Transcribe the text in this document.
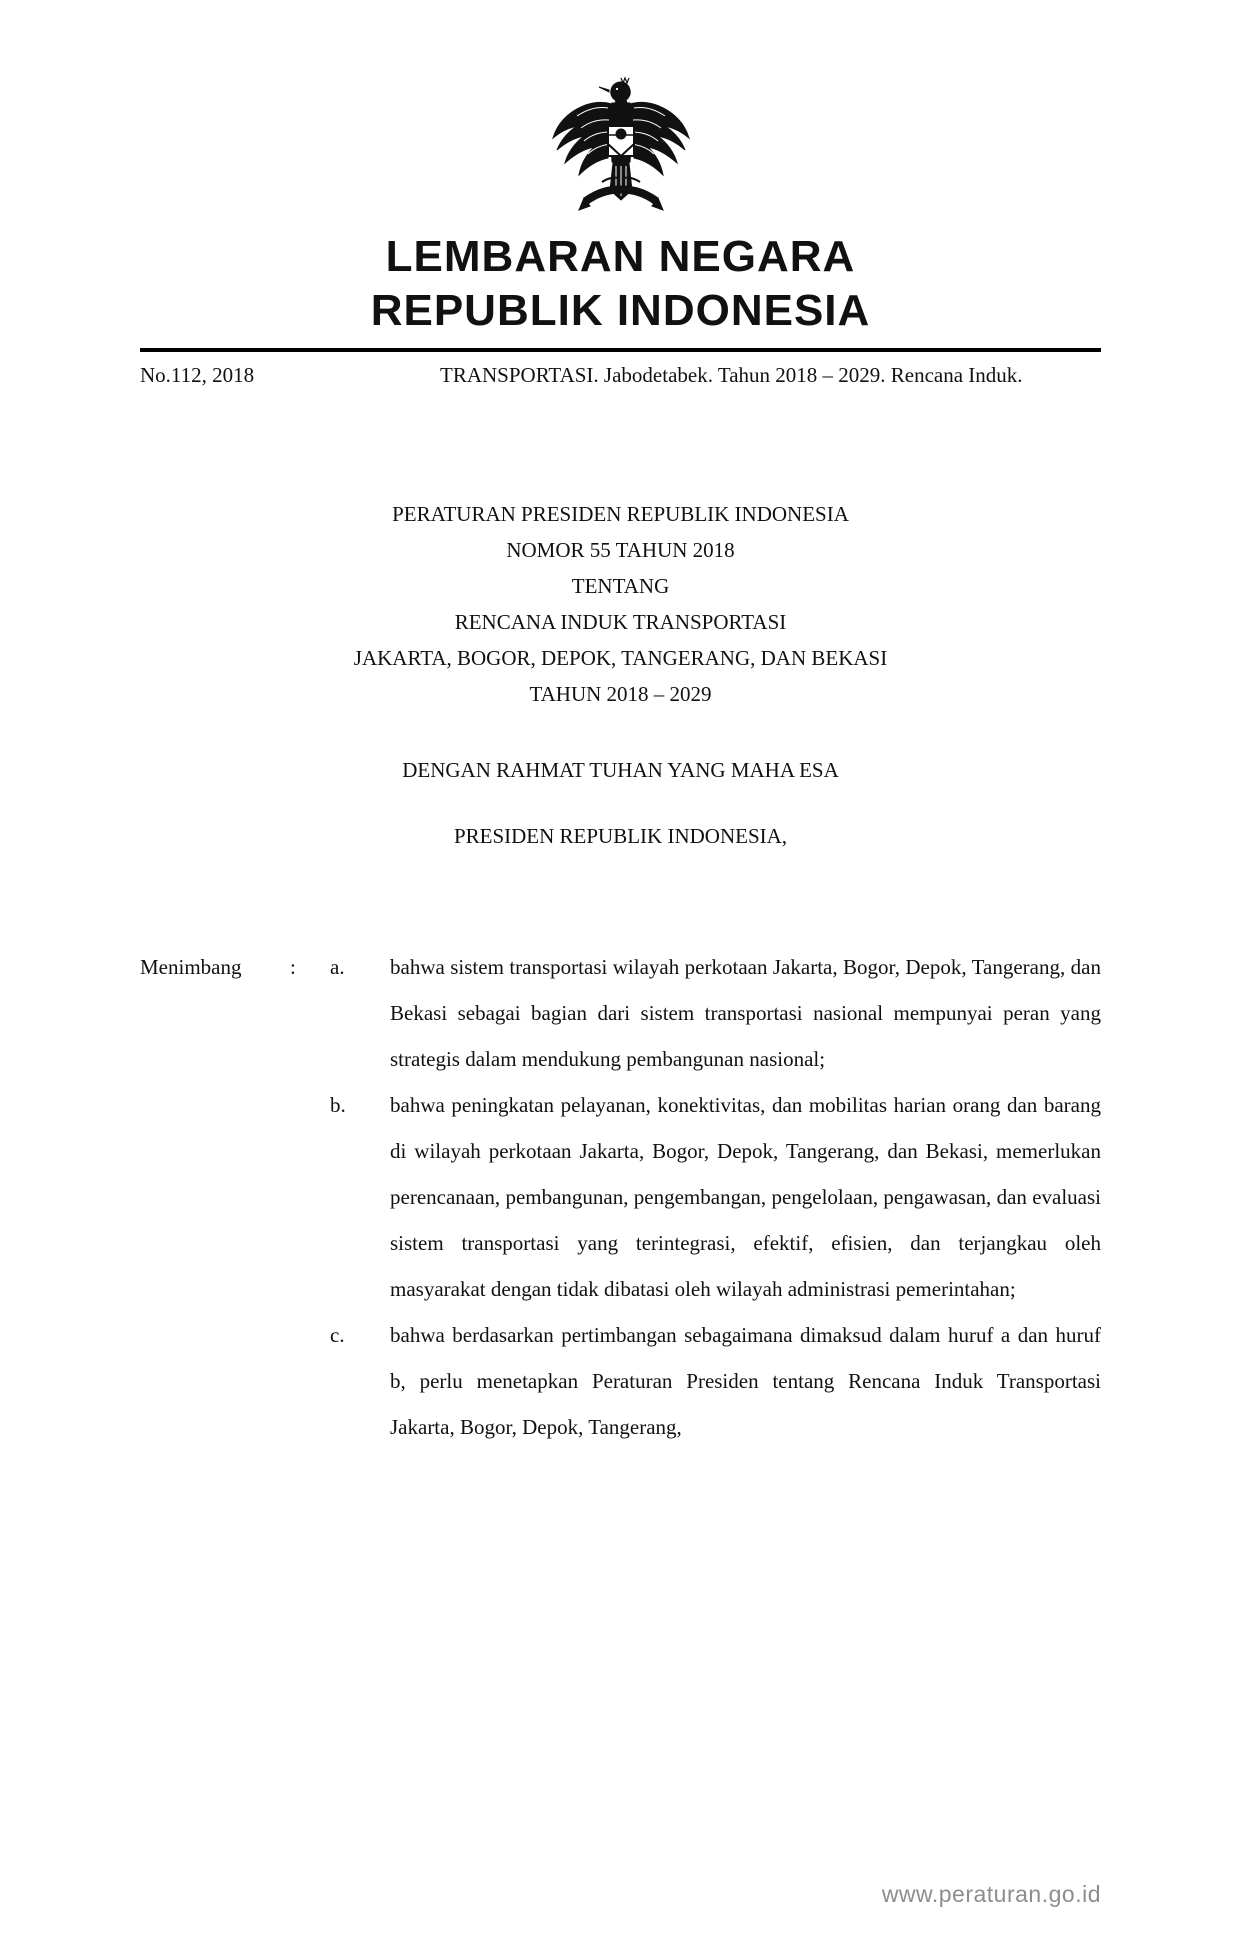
LEMBARAN NEGARA
REPUBLIK INDONESIA
No.112, 2018	TRANSPORTASI. Jabodetabek. Tahun 2018 – 2029. Rencana Induk.
PERATURAN PRESIDEN REPUBLIK INDONESIA
NOMOR 55 TAHUN 2018
TENTANG
RENCANA INDUK TRANSPORTASI
JAKARTA, BOGOR, DEPOK, TANGERANG, DAN BEKASI
TAHUN 2018 – 2029
DENGAN RAHMAT TUHAN YANG MAHA ESA
PRESIDEN REPUBLIK INDONESIA,
Menimbang	:	a.	bahwa sistem transportasi wilayah perkotaan Jakarta, Bogor, Depok, Tangerang, dan Bekasi sebagai bagian dari sistem transportasi nasional mempunyai peran yang strategis dalam mendukung pembangunan nasional;
b.	bahwa peningkatan pelayanan, konektivitas, dan mobilitas harian orang dan barang di wilayah perkotaan Jakarta, Bogor, Depok, Tangerang, dan Bekasi, memerlukan perencanaan, pembangunan, pengembangan, pengelolaan, pengawasan, dan evaluasi sistem transportasi yang terintegrasi, efektif, efisien, dan terjangkau oleh masyarakat dengan tidak dibatasi oleh wilayah administrasi pemerintahan;
c.	bahwa berdasarkan pertimbangan sebagaimana dimaksud dalam huruf a dan huruf b, perlu menetapkan Peraturan Presiden tentang Rencana Induk Transportasi Jakarta, Bogor, Depok, Tangerang,
www.peraturan.go.id
